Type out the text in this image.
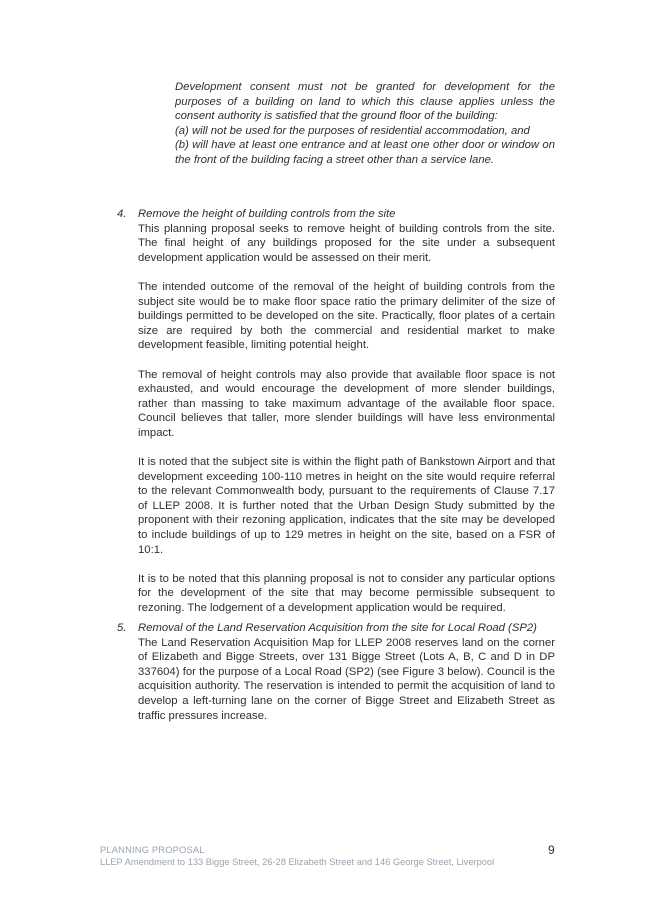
Development consent must not be granted for development for the purposes of a building on land to which this clause applies unless the consent authority is satisfied that the ground floor of the building:

(a) will not be used for the purposes of residential accommodation, and

(b) will have at least one entrance and at least one other door or window on the front of the building facing a street other than a service lane.

4.	Remove the height of building controls from the site

This planning proposal seeks to remove height of building controls from the site. The final height of any buildings proposed for the site under a subsequent development application would be assessed on their merit.

The intended outcome of the removal of the height of building controls from the subject site would be to make floor space ratio the primary delimiter of the size of buildings permitted to be developed on the site. Practically, floor plates of a certain size are required by both the commercial and residential market to make development feasible, limiting potential height.

The removal of height controls may also provide that available floor space is not exhausted, and would encourage the development of more slender buildings, rather than massing to take maximum advantage of the available floor space. Council believes that taller, more slender buildings will have less environmental impact.

It is noted that the subject site is within the flight path of Bankstown Airport and that development exceeding 100-110 metres in height on the site would require referral to the relevant Commonwealth body, pursuant to the requirements of Clause 7.17 of LLEP 2008. It is further noted that the Urban Design Study submitted by the proponent with their rezoning application, indicates that the site may be developed to include buildings of up to 129 metres in height on the site, based on a FSR of 10:1.

It is to be noted that this planning proposal is not to consider any particular options for the development of the site that may become permissible subsequent to rezoning. The lodgement of a development application would be required.

5.	Removal of the Land Reservation Acquisition from the site for Local Road (SP2)

The Land Reservation Acquisition Map for LLEP 2008 reserves land on the corner of Elizabeth and Bigge Streets, over 131 Bigge Street (Lots A, B, C and D in DP 337604) for the purpose of a Local Road (SP2) (see Figure 3 below). Council is the acquisition authority. The reservation is intended to permit the acquisition of land to develop a left-turning lane on the corner of Bigge Street and Elizabeth Street as traffic pressures increase.

PLANNING PROPOSAL
LLEP Amendment to 133 Bigge Street, 26-28 Elizabeth Street and 146 George Street, Liverpool
9
